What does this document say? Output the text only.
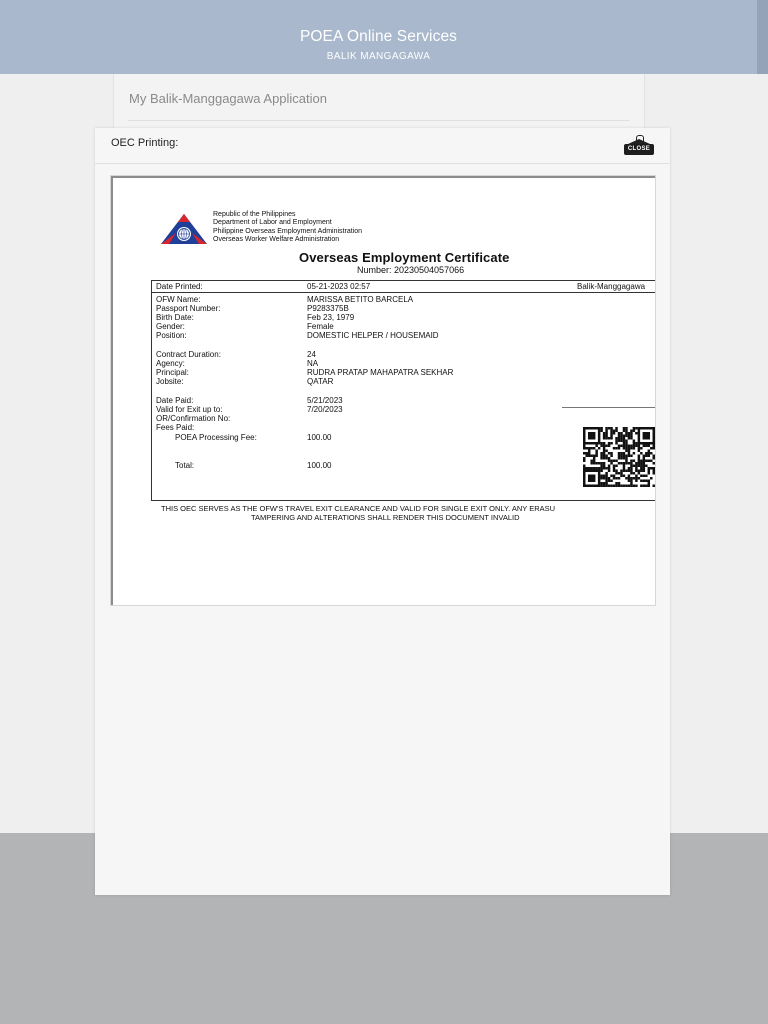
POEA Online Services
BALIK MANGAGAWA
My Balik-Manggagawa Application
OEC Printing:	CLOSE
Republic of the Philippines
Department of Labor and Employment
Philippine Overseas Employment Administration
Overseas Worker Welfare Administration
Overseas Employment Certificate
Number: 20230504057066
Date Printed:	05-21-2023 02:57	Balik-Manggagawa
OFW Name:	MARISSA BETITO BARCELA
Passport Number:	P9283375B
Birth Date:	Feb 23, 1979
Gender:	Female
Position:	DOMESTIC HELPER / HOUSEMAID
Contract Duration:	24
Agency:	NA
Principal:	RUDRA PRATAP MAHAPATRA SEKHAR
Jobsite:	QATAR
Date Paid:	5/21/2023
Valid for Exit up to:	7/20/2023
OR/Confirmation No:
Fees Paid:
POEA Processing Fee:	100.00
Total:	100.00
THIS OEC SERVES AS THE OFW'S TRAVEL EXIT CLEARANCE AND VALID FOR SINGLE EXIT ONLY. ANY ERASU
TAMPERING AND ALTERATIONS SHALL RENDER THIS DOCUMENT INVALID
